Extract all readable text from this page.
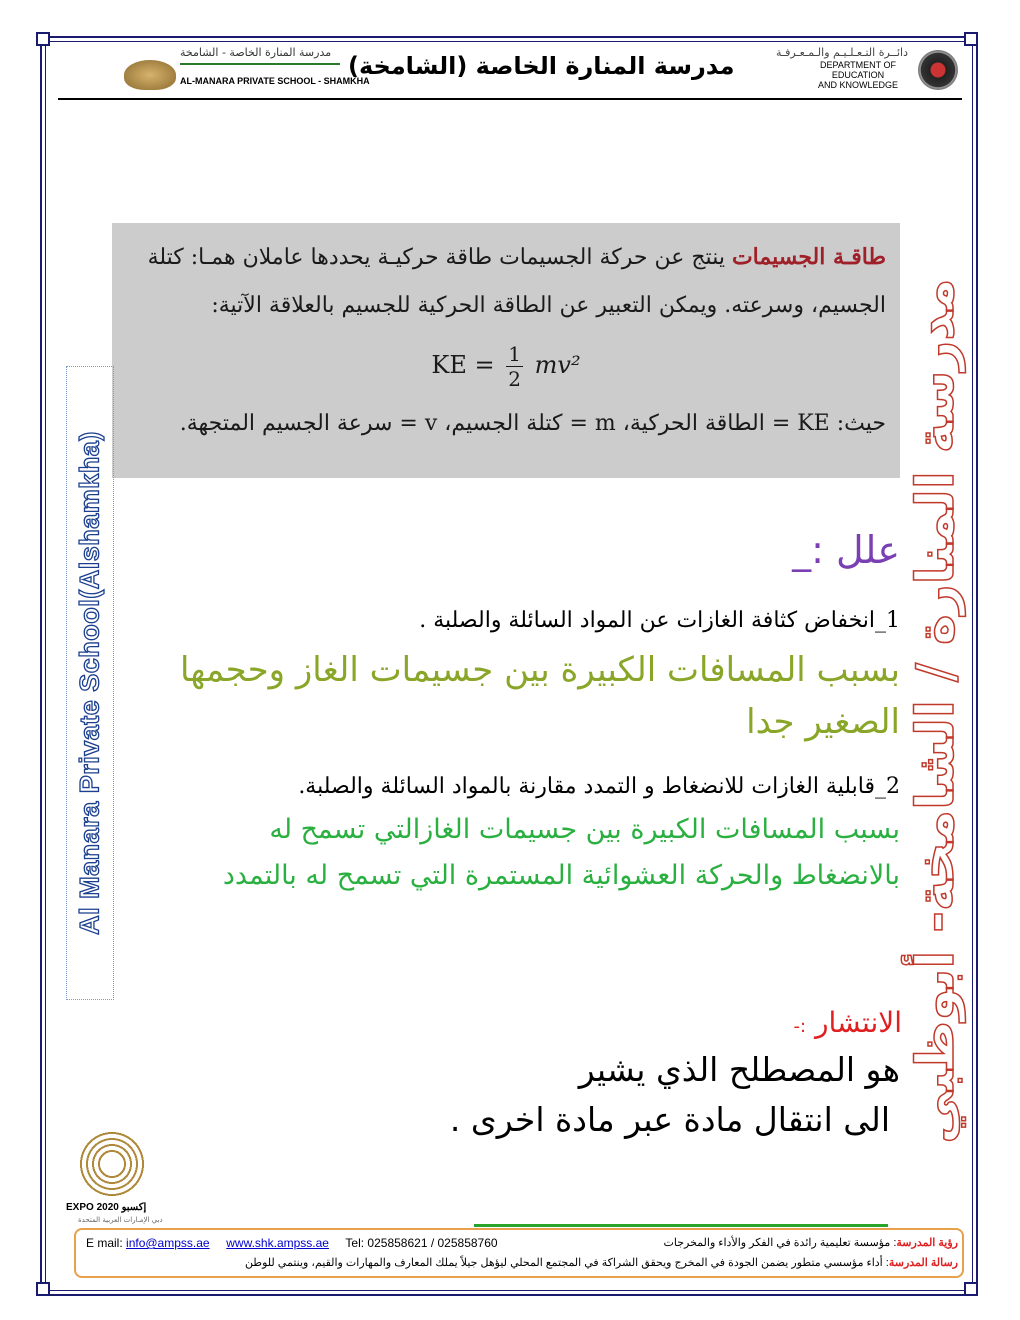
مدرسة المنارة الخاصة - الشامخة
AL-MANARA PRIVATE SCHOOL - SHAMKHA
مدرسة المنارة الخاصة (الشامخة)	دائــرة التـعـلـيـم والـمـعـرفـة
DEPARTMENT OF EDUCATION
AND KNOWLEDGE

طاقـة الجسيمات ينتج عن حركة الجسيمات طاقة حركيـة يحددها عاملان همـا: كتلة

الجسيم، وسرعته. ويمكن التعبير عن الطاقة الحركية للجسيم بالعلاقة الآتية:

KE = $\frac{1}{2} mv^2$

حيث: KE = الطاقة الحركية، m = كتلة الجسيم، v = سرعة الجسيم المتجهة.

Al Manara Private School(Alshamkha)	مدرسة المنارة / الشامخة- أبوظبي
علل :_
1_انخفاض كثافة الغازات عن المواد السائلة والصلبة .
بسبب المسافات الكبيرة بين جسيمات الغاز وحجمها
الصغير جدا
2_قابلية الغازات للانضغاط و التمدد مقارنة بالمواد السائلة والصلبة.
بسبب المسافات الكبيرة بين جسيمات الغازالتي تسمح له
بالانضغاط والحركة العشوائية المستمرة التي تسمح له بالتمدد
الانتشار :-
هو المصطلح الذي يشير
الى انتقال مادة عبر مادة اخرى .
EXPO 2020 إكسبو
دبي الإمـارات العربية المتحدة
E mail: info@ampss.ae www.shk.ampss.ae Tel: 025858621 / 025858760	رؤية المدرسة: مؤسسة تعليمية رائدة في الفكر والأداء والمخرجات
رسالة المدرسة: أداء مؤسسي متطور يضمن الجودة في المخرج ويحقق الشراكة في المجتمع المحلي ليؤهل جيلاً يملك المعارف والمهارات والقيم، وينتمي للوطن
